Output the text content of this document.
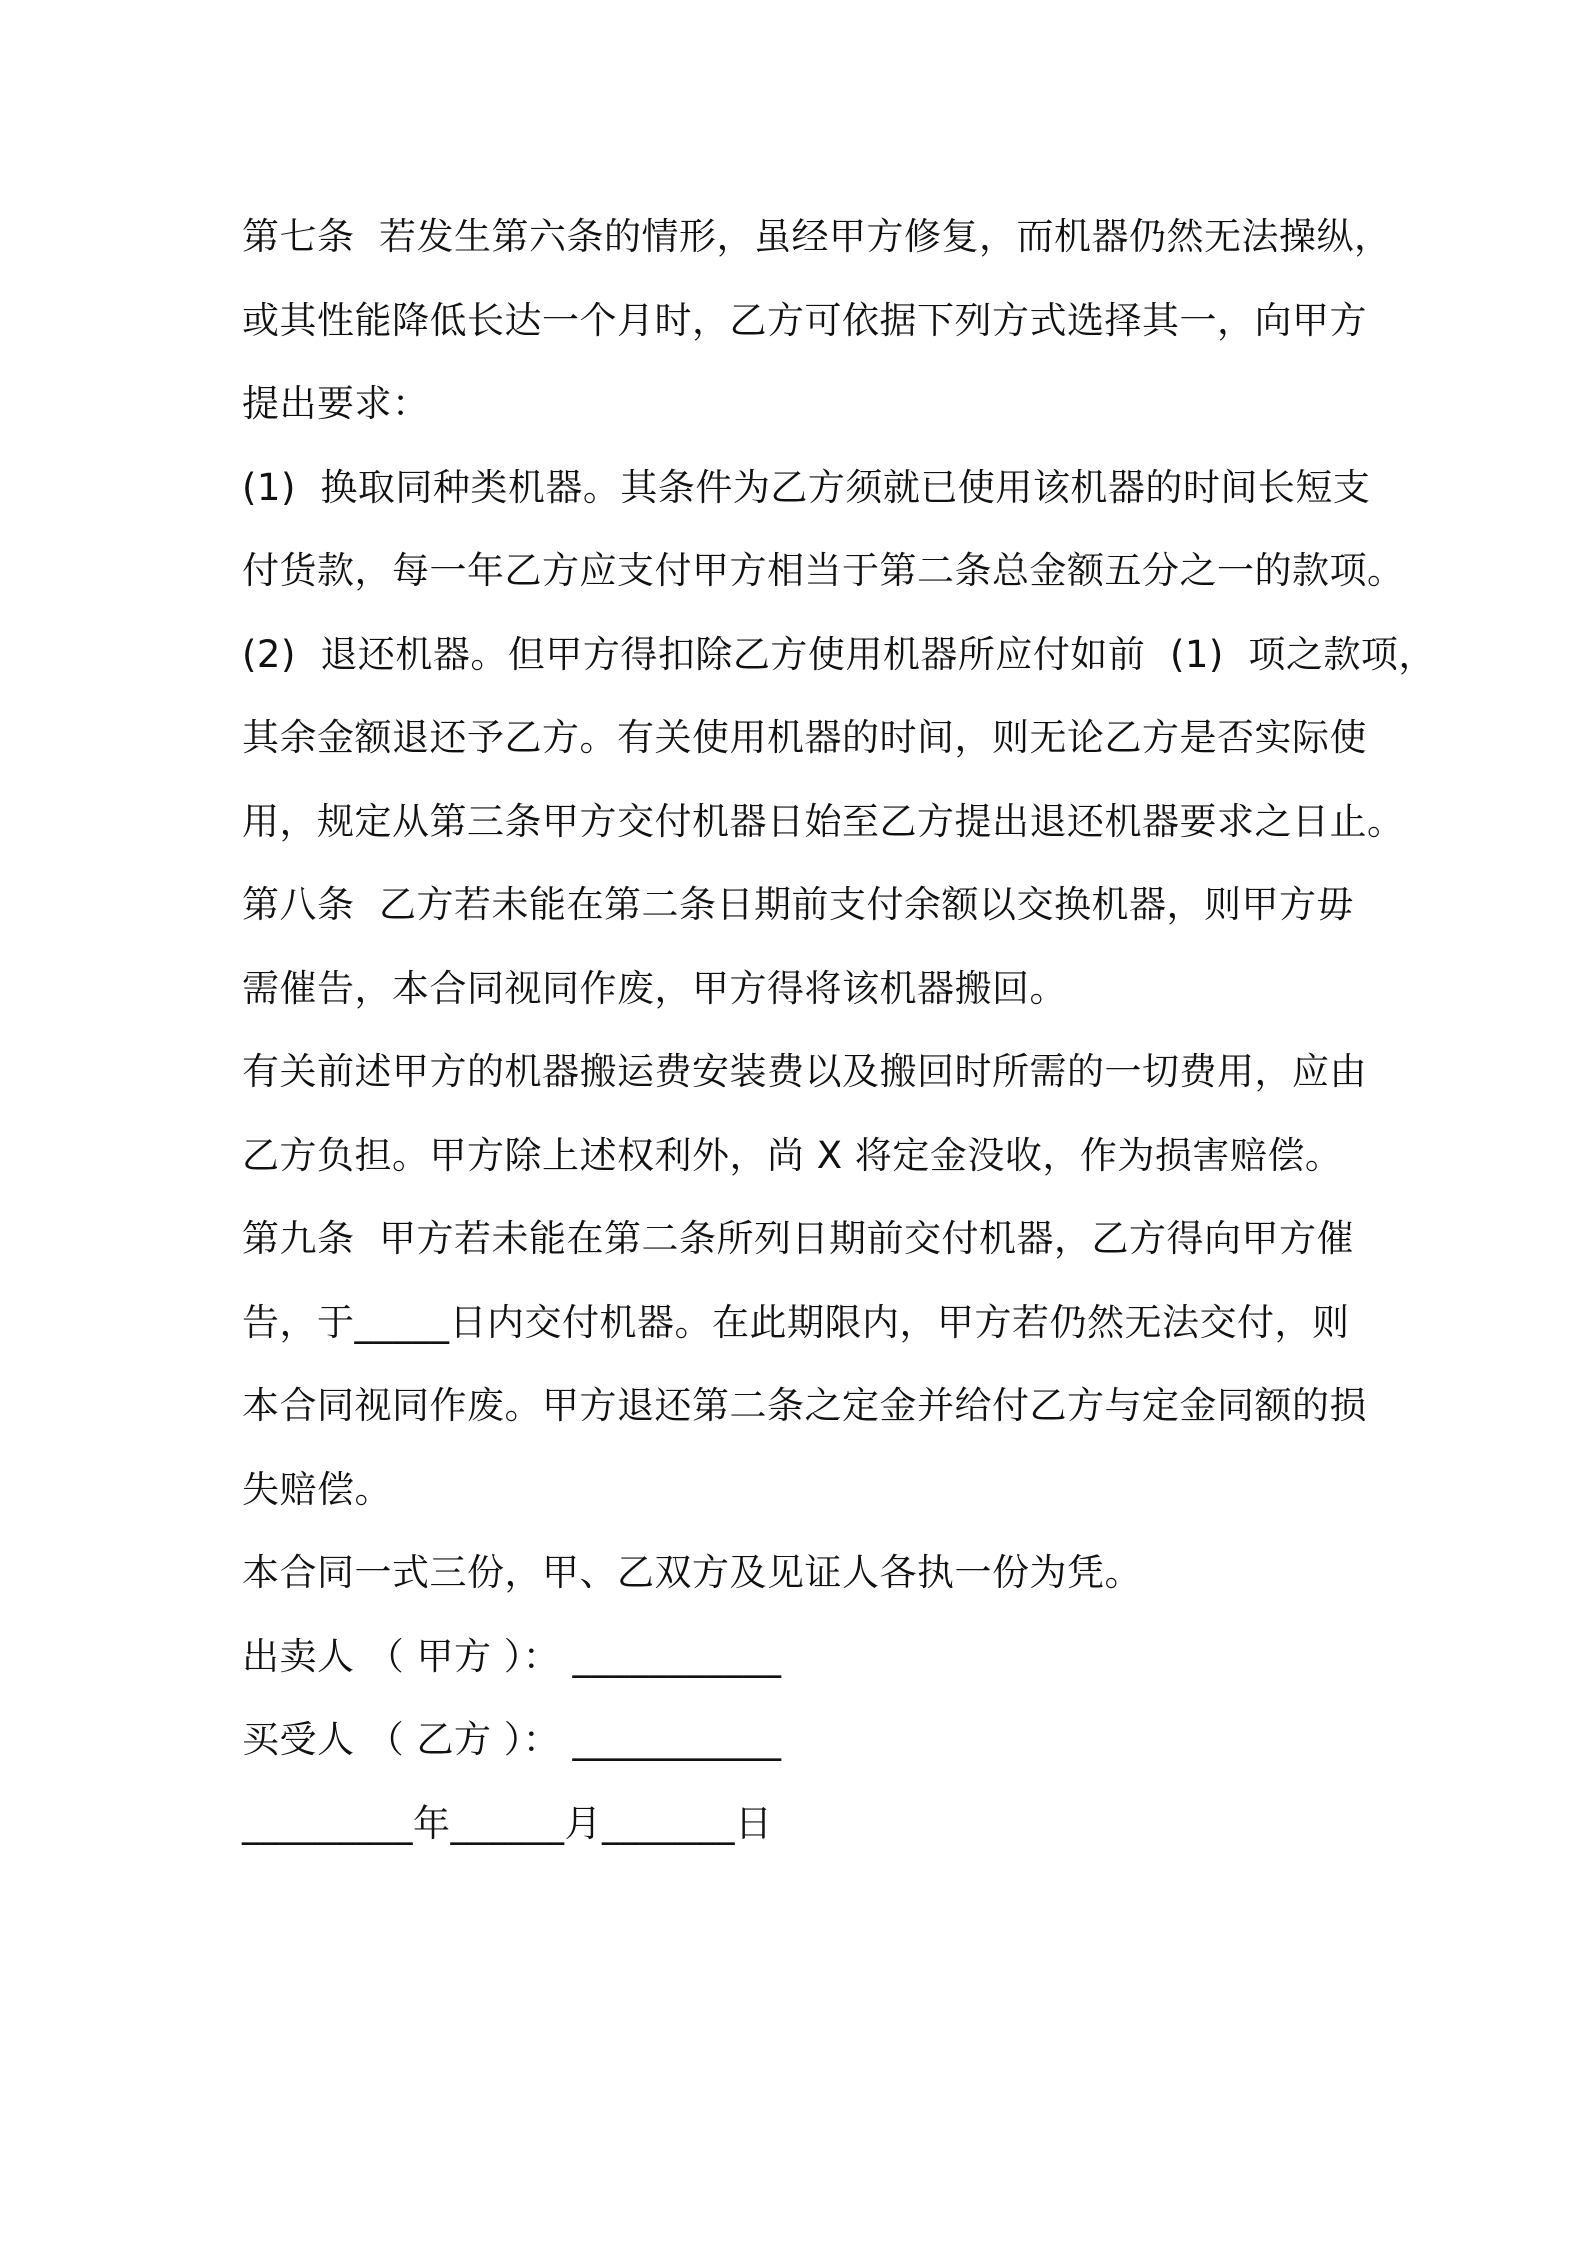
第七条  若发生第六条的情形，虽经甲方修复，而机器仍然无法操纵，
或其性能降低长达一个月时，乙方可依据下列方式选择其一，向甲方
提出要求：
(1)  换取同种类机器。其条件为乙方须就已使用该机器的时间长短支
付货款，每一年乙方应支付甲方相当于第二条总金额五分之一的款项。
(2)  退还机器。但甲方得扣除乙方使用机器所应付如前  (1)  项之款项，
其余金额退还予乙方。有关使用机器的时间，则无论乙方是否实际使
用，规定从第三条甲方交付机器日始至乙方提出退还机器要求之日止。
第八条  乙方若未能在第二条日期前支付余额以交换机器，则甲方毋
需催告，本合同视同作废，甲方得将该机器搬回。
有关前述甲方的机器搬运费安装费以及搬回时所需的一切费用，应由
乙方负担。甲方除上述权利外，尚 X 将定金没收，作为损害赔偿。
第九条  甲方若未能在第二条所列日期前交付机器，乙方得向甲方催
告，于_____日内交付机器。在此期限内，甲方若仍然无法交付，则
本合同视同作废。甲方退还第二条之定金并给付乙方与定金同额的损
失赔偿。
本合同一式三份，甲、乙双方及见证人各执一份为凭。
出卖人 （ 甲方 ）： ___________
买受人 （ 乙方 ）： ___________
_________年______月_______日
